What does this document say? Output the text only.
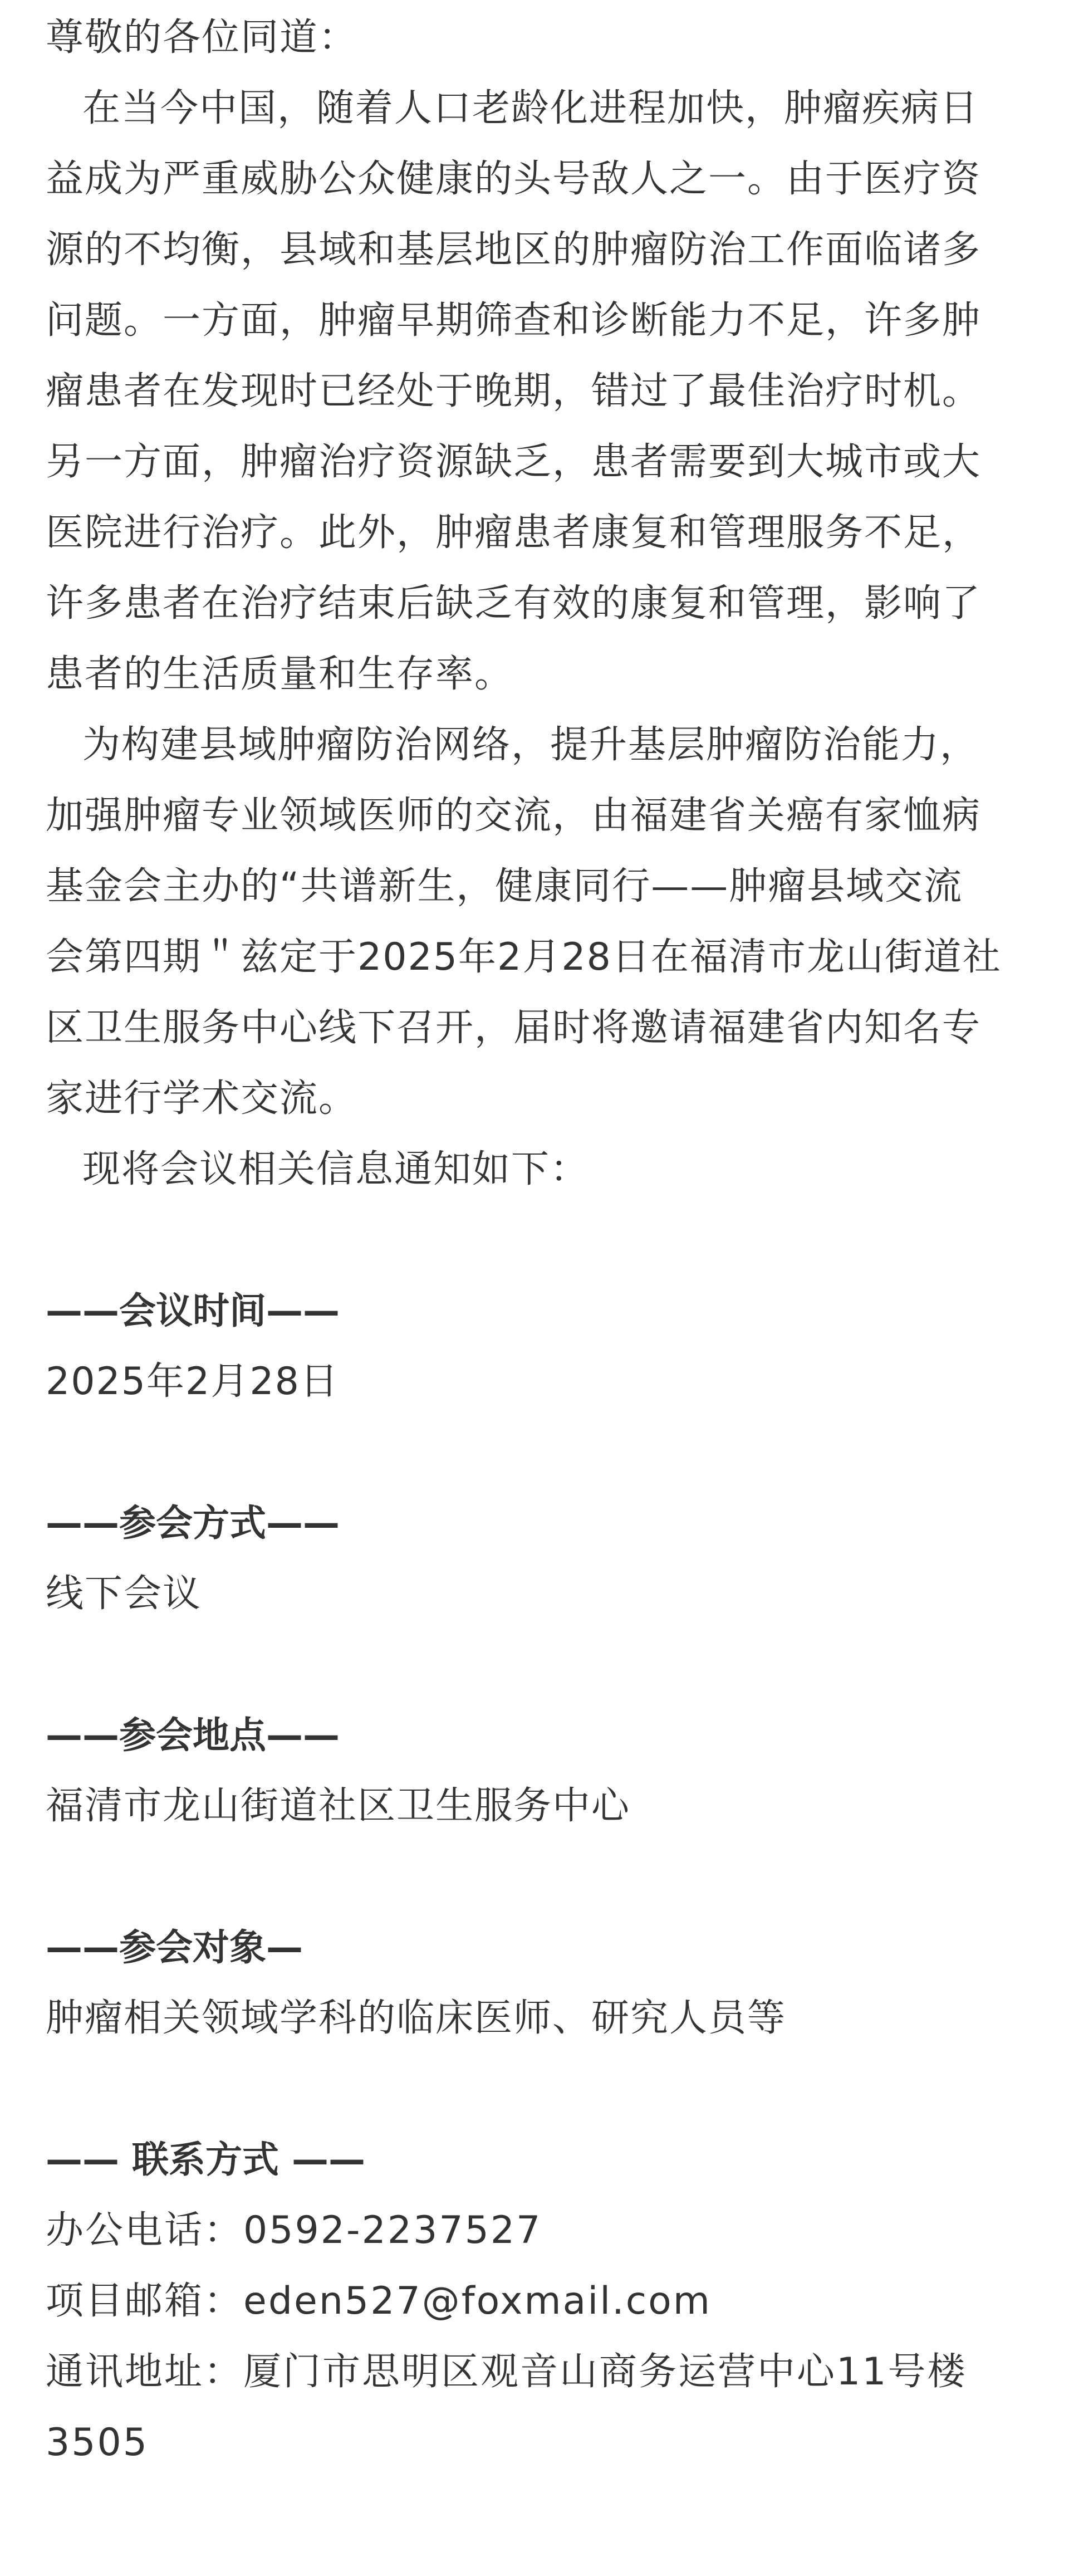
尊敬的各位同道：
在当今中国，随着人口老龄化进程加快，肿瘤疾病日
益成为严重威胁公众健康的头号敌人之一。由于医疗资
源的不均衡，县域和基层地区的肿瘤防治工作面临诸多
问题。一方面，肿瘤早期筛查和诊断能力不足，许多肿
瘤患者在发现时已经处于晚期，错过了最佳治疗时机。
另一方面，肿瘤治疗资源缺乏，患者需要到大城市或大
医院进行治疗。此外，肿瘤患者康复和管理服务不足，
许多患者在治疗结束后缺乏有效的康复和管理，影响了
患者的生活质量和生存率。
为构建县域肿瘤防治网络，提升基层肿瘤防治能力，
加强肿瘤专业领域医师的交流，由福建省关癌有家恤病
基金会主办的“共谱新生，健康同行——肿瘤县域交流
会第四期＂兹定于2025年2月28日在福清市龙山街道社
区卫生服务中心线下召开，届时将邀请福建省内知名专
家进行学术交流。
现将会议相关信息通知如下：
——会议时间——
2025年2月28日
——参会方式——
线下会议
——参会地点——
福清市龙山街道社区卫生服务中心
——参会对象—
肿瘤相关领域学科的临床医师、研究人员等
—— 联系方式 ——
办公电话：0592-2237527
项目邮箱：eden527@foxmail.com
通讯地址：厦门市思明区观音山商务运营中心11号楼
3505
